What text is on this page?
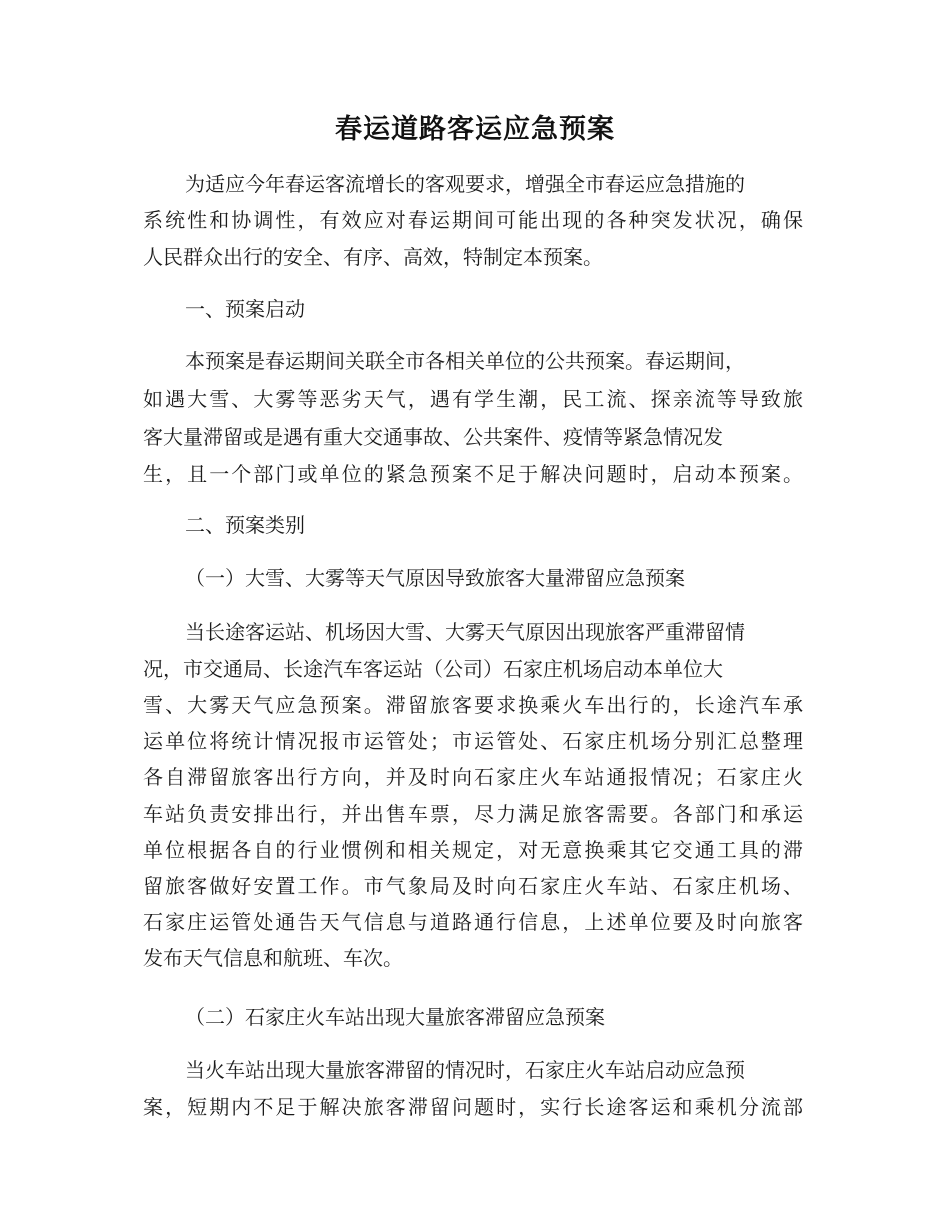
春运道路客运应急预案
为适应今年春运客流增长的客观要求，增强全市春运应急措施的
系统性和协调性，有效应对春运期间可能出现的各种突发状况，确保
人民群众出行的安全、有序、高效，特制定本预案。
一、预案启动
本预案是春运期间关联全市各相关单位的公共预案。春运期间，
如遇大雪、大雾等恶劣天气，遇有学生潮，民工流、探亲流等导致旅
客大量滞留或是遇有重大交通事故、公共案件、疫情等紧急情况发
生，且一个部门或单位的紧急预案不足于解决问题时，启动本预案。
二、预案类别
（一）大雪、大雾等天气原因导致旅客大量滞留应急预案
当长途客运站、机场因大雪、大雾天气原因出现旅客严重滞留情
况，市交通局、长途汽车客运站（公司）石家庄机场启动本单位大
雪、大雾天气应急预案。滞留旅客要求换乘火车出行的，长途汽车承
运单位将统计情况报市运管处；市运管处、石家庄机场分别汇总整理
各自滞留旅客出行方向，并及时向石家庄火车站通报情况；石家庄火
车站负责安排出行，并出售车票，尽力满足旅客需要。各部门和承运
单位根据各自的行业惯例和相关规定，对无意换乘其它交通工具的滞
留旅客做好安置工作。市气象局及时向石家庄火车站、石家庄机场、
石家庄运管处通告天气信息与道路通行信息，上述单位要及时向旅客
发布天气信息和航班、车次。
（二）石家庄火车站出现大量旅客滞留应急预案
当火车站出现大量旅客滞留的情况时，石家庄火车站启动应急预
案，短期内不足于解决旅客滞留问题时，实行长途客运和乘机分流部
